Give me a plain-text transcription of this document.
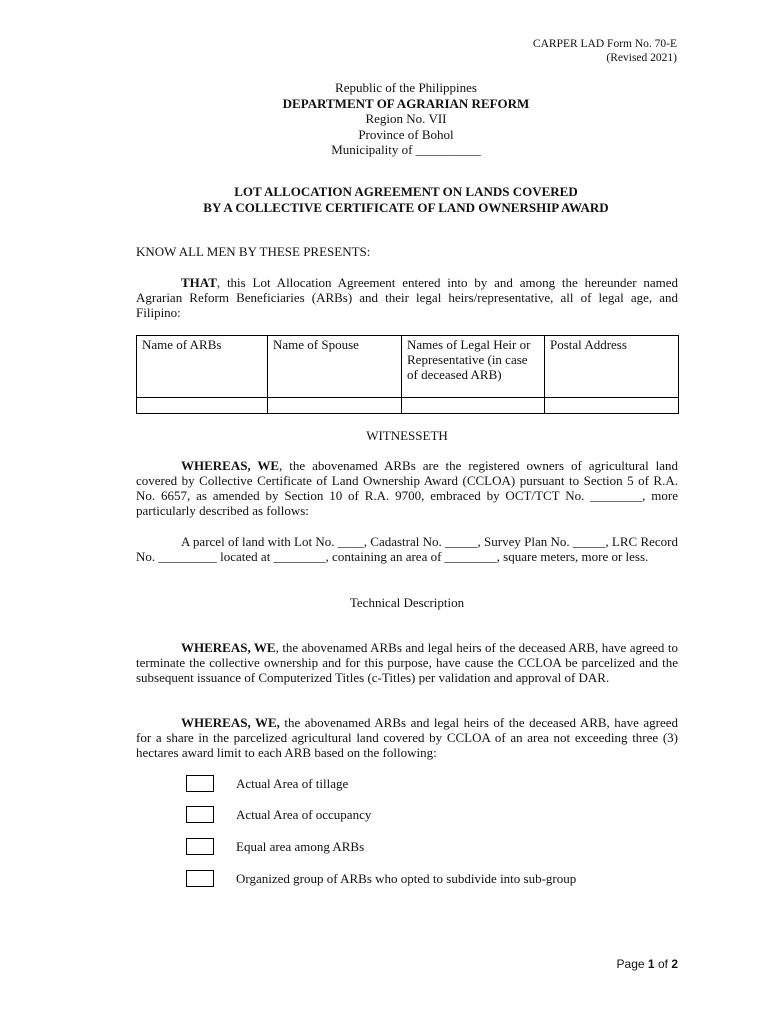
CARPER LAD Form No. 70-E
(Revised 2021)
Republic of the Philippines
DEPARTMENT OF AGRARIAN REFORM
Region No. VII
Province of Bohol
Municipality of __________
LOT ALLOCATION AGREEMENT ON LANDS COVERED
BY A COLLECTIVE CERTIFICATE OF LAND OWNERSHIP AWARD
KNOW ALL MEN BY THESE PRESENTS:
THAT, this Lot Allocation Agreement entered into by and among the hereunder named Agrarian Reform Beneficiaries (ARBs) and their legal heirs/representative, all of legal age, and Filipino:
Name of ARBs	Name of Spouse	Names of Legal Heir or Representative (in case of deceased ARB)	Postal Address

WITNESSETH
WHEREAS, WE, the abovenamed ARBs are the registered owners of agricultural land covered by Collective Certificate of Land Ownership Award (CCLOA) pursuant to Section 5 of R.A. No. 6657, as amended by Section 10 of R.A. 9700, embraced by OCT/TCT No. ________, more particularly described as follows:
A parcel of land with Lot No. ____, Cadastral No. _____, Survey Plan No. _____, LRC Record No. _________ located at ________, containing an area of ________, square meters, more or less.
Technical Description
WHEREAS, WE, the abovenamed ARBs and legal heirs of the deceased ARB, have agreed to terminate the collective ownership and for this purpose, have cause the CCLOA be parcelized and the subsequent issuance of Computerized Titles (c-Titles) per validation and approval of DAR.
WHEREAS, WE, the abovenamed ARBs and legal heirs of the deceased ARB, have agreed for a share in the parcelized agricultural land covered by CCLOA of an area not exceeding three (3) hectares award limit to each ARB based on the following:
Actual Area of tillage
Actual Area of occupancy
Equal area among ARBs
Organized group of ARBs who opted to subdivide into sub-group
Page 1 of 2
